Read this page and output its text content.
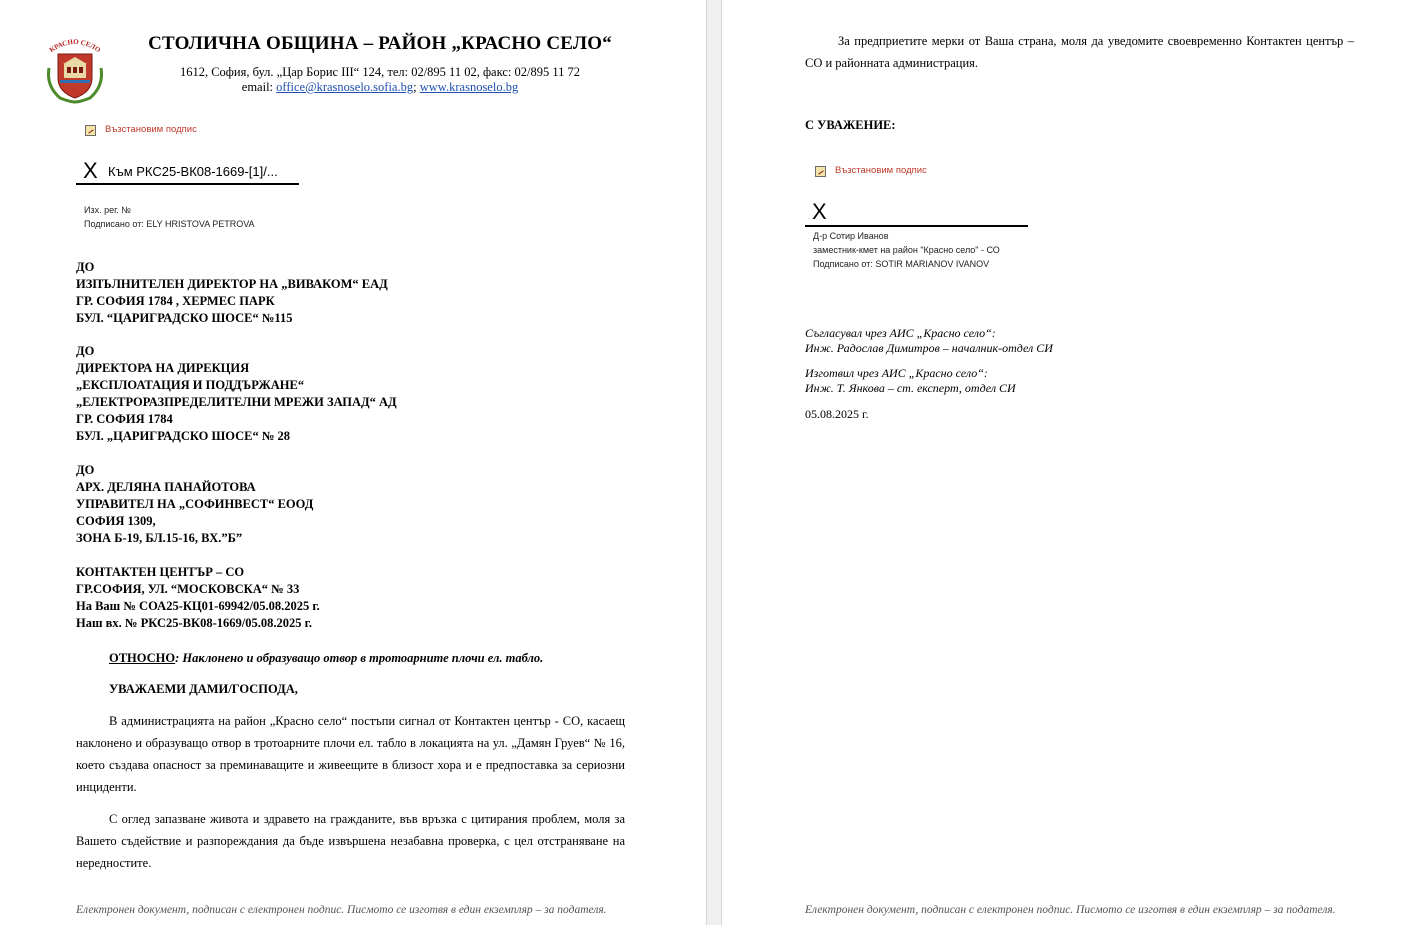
КРАСНО СЕЛО	СТОЛИЧНА ОБЩИНА – РАЙОН „КРАСНО СЕЛО“
1612, София, бул. „Цар Борис III“ 124, тел: 02/895 11 02, факс: 02/895 11 72
email: office@krasnoselo.sofia.bg; www.krasnoselo.bg
Възстановим подпис
X Към РКС25-ВК08-1669-[1]/...
Изх. рег. №
Подписано от: ELY HRISTOVA PETROVA
ДО
ИЗПЪЛНИТЕЛЕН ДИРЕКТОР НА „ВИВАКОМ“ ЕАД
ГР. СОФИЯ 1784 , ХЕРМЕС ПАРК
БУЛ. “ЦАРИГРАДСКО ШОСЕ“ №115
ДО
ДИРЕКТОРА НА ДИРЕКЦИЯ
„ЕКСПЛОАТАЦИЯ И ПОДДЪРЖАНЕ“
„ЕЛЕКТРОРАЗПРЕДЕЛИТЕЛНИ МРЕЖИ ЗАПАД“ АД
ГР. СОФИЯ 1784
БУЛ. „ЦАРИГРАДСКО ШОСЕ“ № 28
ДО
АРХ. ДЕЛЯНА ПАНАЙОТОВА
УПРАВИТЕЛ НА „СОФИНВЕСТ“ ЕООД
СОФИЯ 1309,
ЗОНА Б-19, БЛ.15-16, ВХ.”Б”
КОНТАКТЕН ЦЕНТЪР – СО
ГР.СОФИЯ, УЛ. “МОСКОВСКА“ № 33
На Ваш № СОА25-КЦ01-69942/05.08.2025 г.
Наш вх. № РКС25-ВК08-1669/05.08.2025 г.
ОТНОСНО: Наклонено и образуващо отвор в тротоарните плочи ел. табло.
УВАЖАЕМИ ДАМИ/ГОСПОДА,
В администрацията на район „Красно село“ постъпи сигнал от Контактен център - СО, касаещ
наклонено и образуващо отвор в тротоарните плочи ел. табло в локацията на ул. „Дамян Груев“ № 16, което създава опасност за преминаващите и живеещите в близост хора и е предпоставка за сериозни инциденти.
С оглед запазване живота и здравето на гражданите, във връзка с цитирания проблем, моля за
Вашето съдействие и разпореждания да бъде извършена незабавна проверка, с цел отстраняване на нередностите.
Електронен документ, подписан с електронен подпис. Писмото се изготвя в един екземпляр – за подателя.
За предприетите мерки от Ваша страна, моля да уведомите своевременно Контактен център –
СО и районната администрация.
С УВАЖЕНИЕ:
Възстановим подпис
X
Д-р Сотир Иванов
заместник-кмет на район "Красно село" - СО
Подписано от: SOTIR MARIANOV IVANOV
Съгласувал чрез АИС „Красно село“:
Инж. Радослав Димитров – началник-отдел СИ
Изготвил чрез АИС „Красно село“:
Инж. Т. Янкова – ст. експерт, отдел СИ
05.08.2025 г.
Електронен документ, подписан с електронен подпис. Писмото се изготвя в един екземпляр – за подателя.
